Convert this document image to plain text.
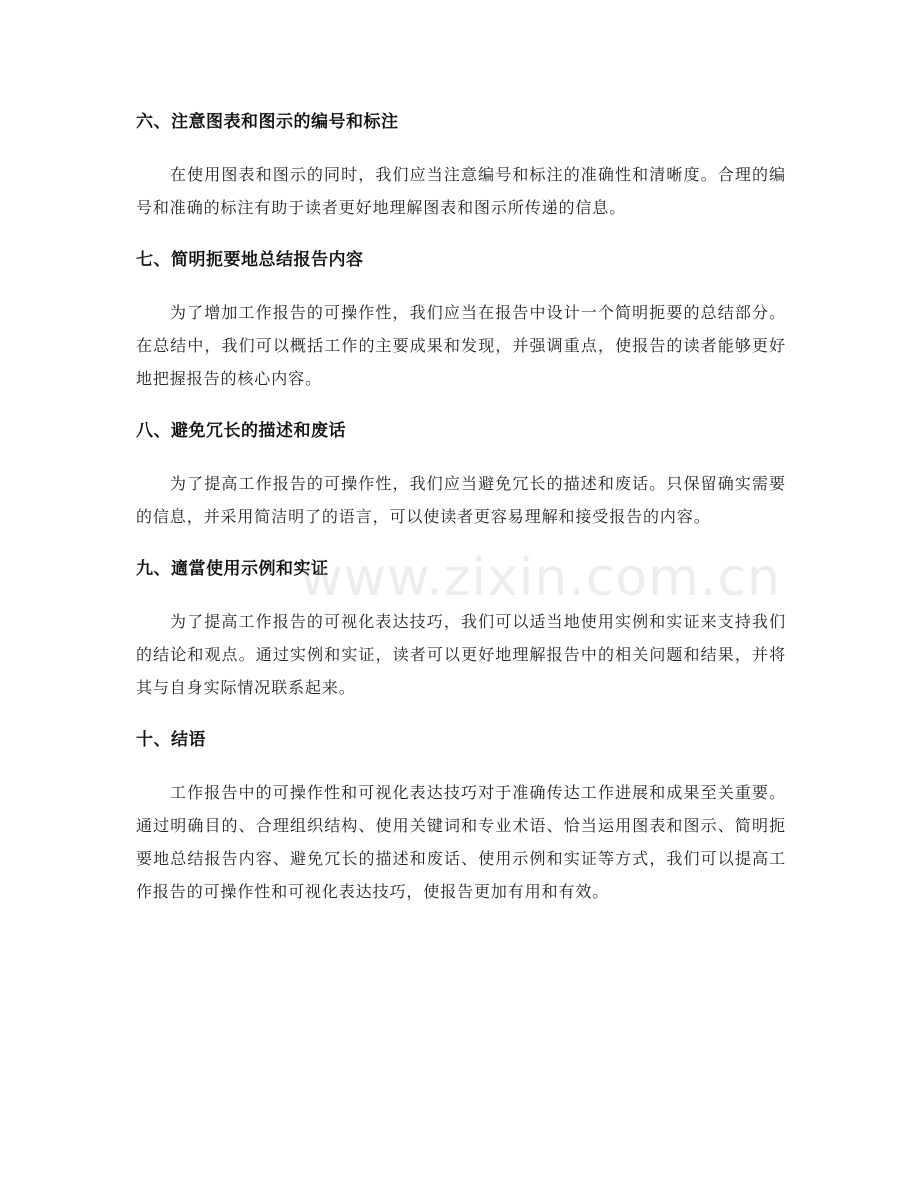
六、注意图表和图示的编号和标注

在使用图表和图示的同时，我们应当注意编号和标注的准确性和清晰度。合理的编号和准确的标注有助于读者更好地理解图表和图示所传递的信息。

七、简明扼要地总结报告内容

为了增加工作报告的可操作性，我们应当在报告中设计一个简明扼要的总结部分。在总结中，我们可以概括工作的主要成果和发现，并强调重点，使报告的读者能够更好地把握报告的核心内容。

八、避免冗长的描述和废话

为了提高工作报告的可操作性，我们应当避免冗长的描述和废话。只保留确实需要的信息，并采用简洁明了的语言，可以使读者更容易理解和接受报告的内容。

九、適當使用示例和实证

为了提高工作报告的可视化表达技巧，我们可以适当地使用实例和实证来支持我们的结论和观点。通过实例和实证，读者可以更好地理解报告中的相关问题和结果，并将其与自身实际情况联系起来。

十、结语

工作报告中的可操作性和可视化表达技巧对于准确传达工作进展和成果至关重要。通过明确目的、合理组织结构、使用关键词和专业术语、恰当运用图表和图示、简明扼要地总结报告内容、避免冗长的描述和废话、使用示例和实证等方式，我们可以提高工作报告的可操作性和可视化表达技巧，使报告更加有用和有效。

www.zixin.com.cn
